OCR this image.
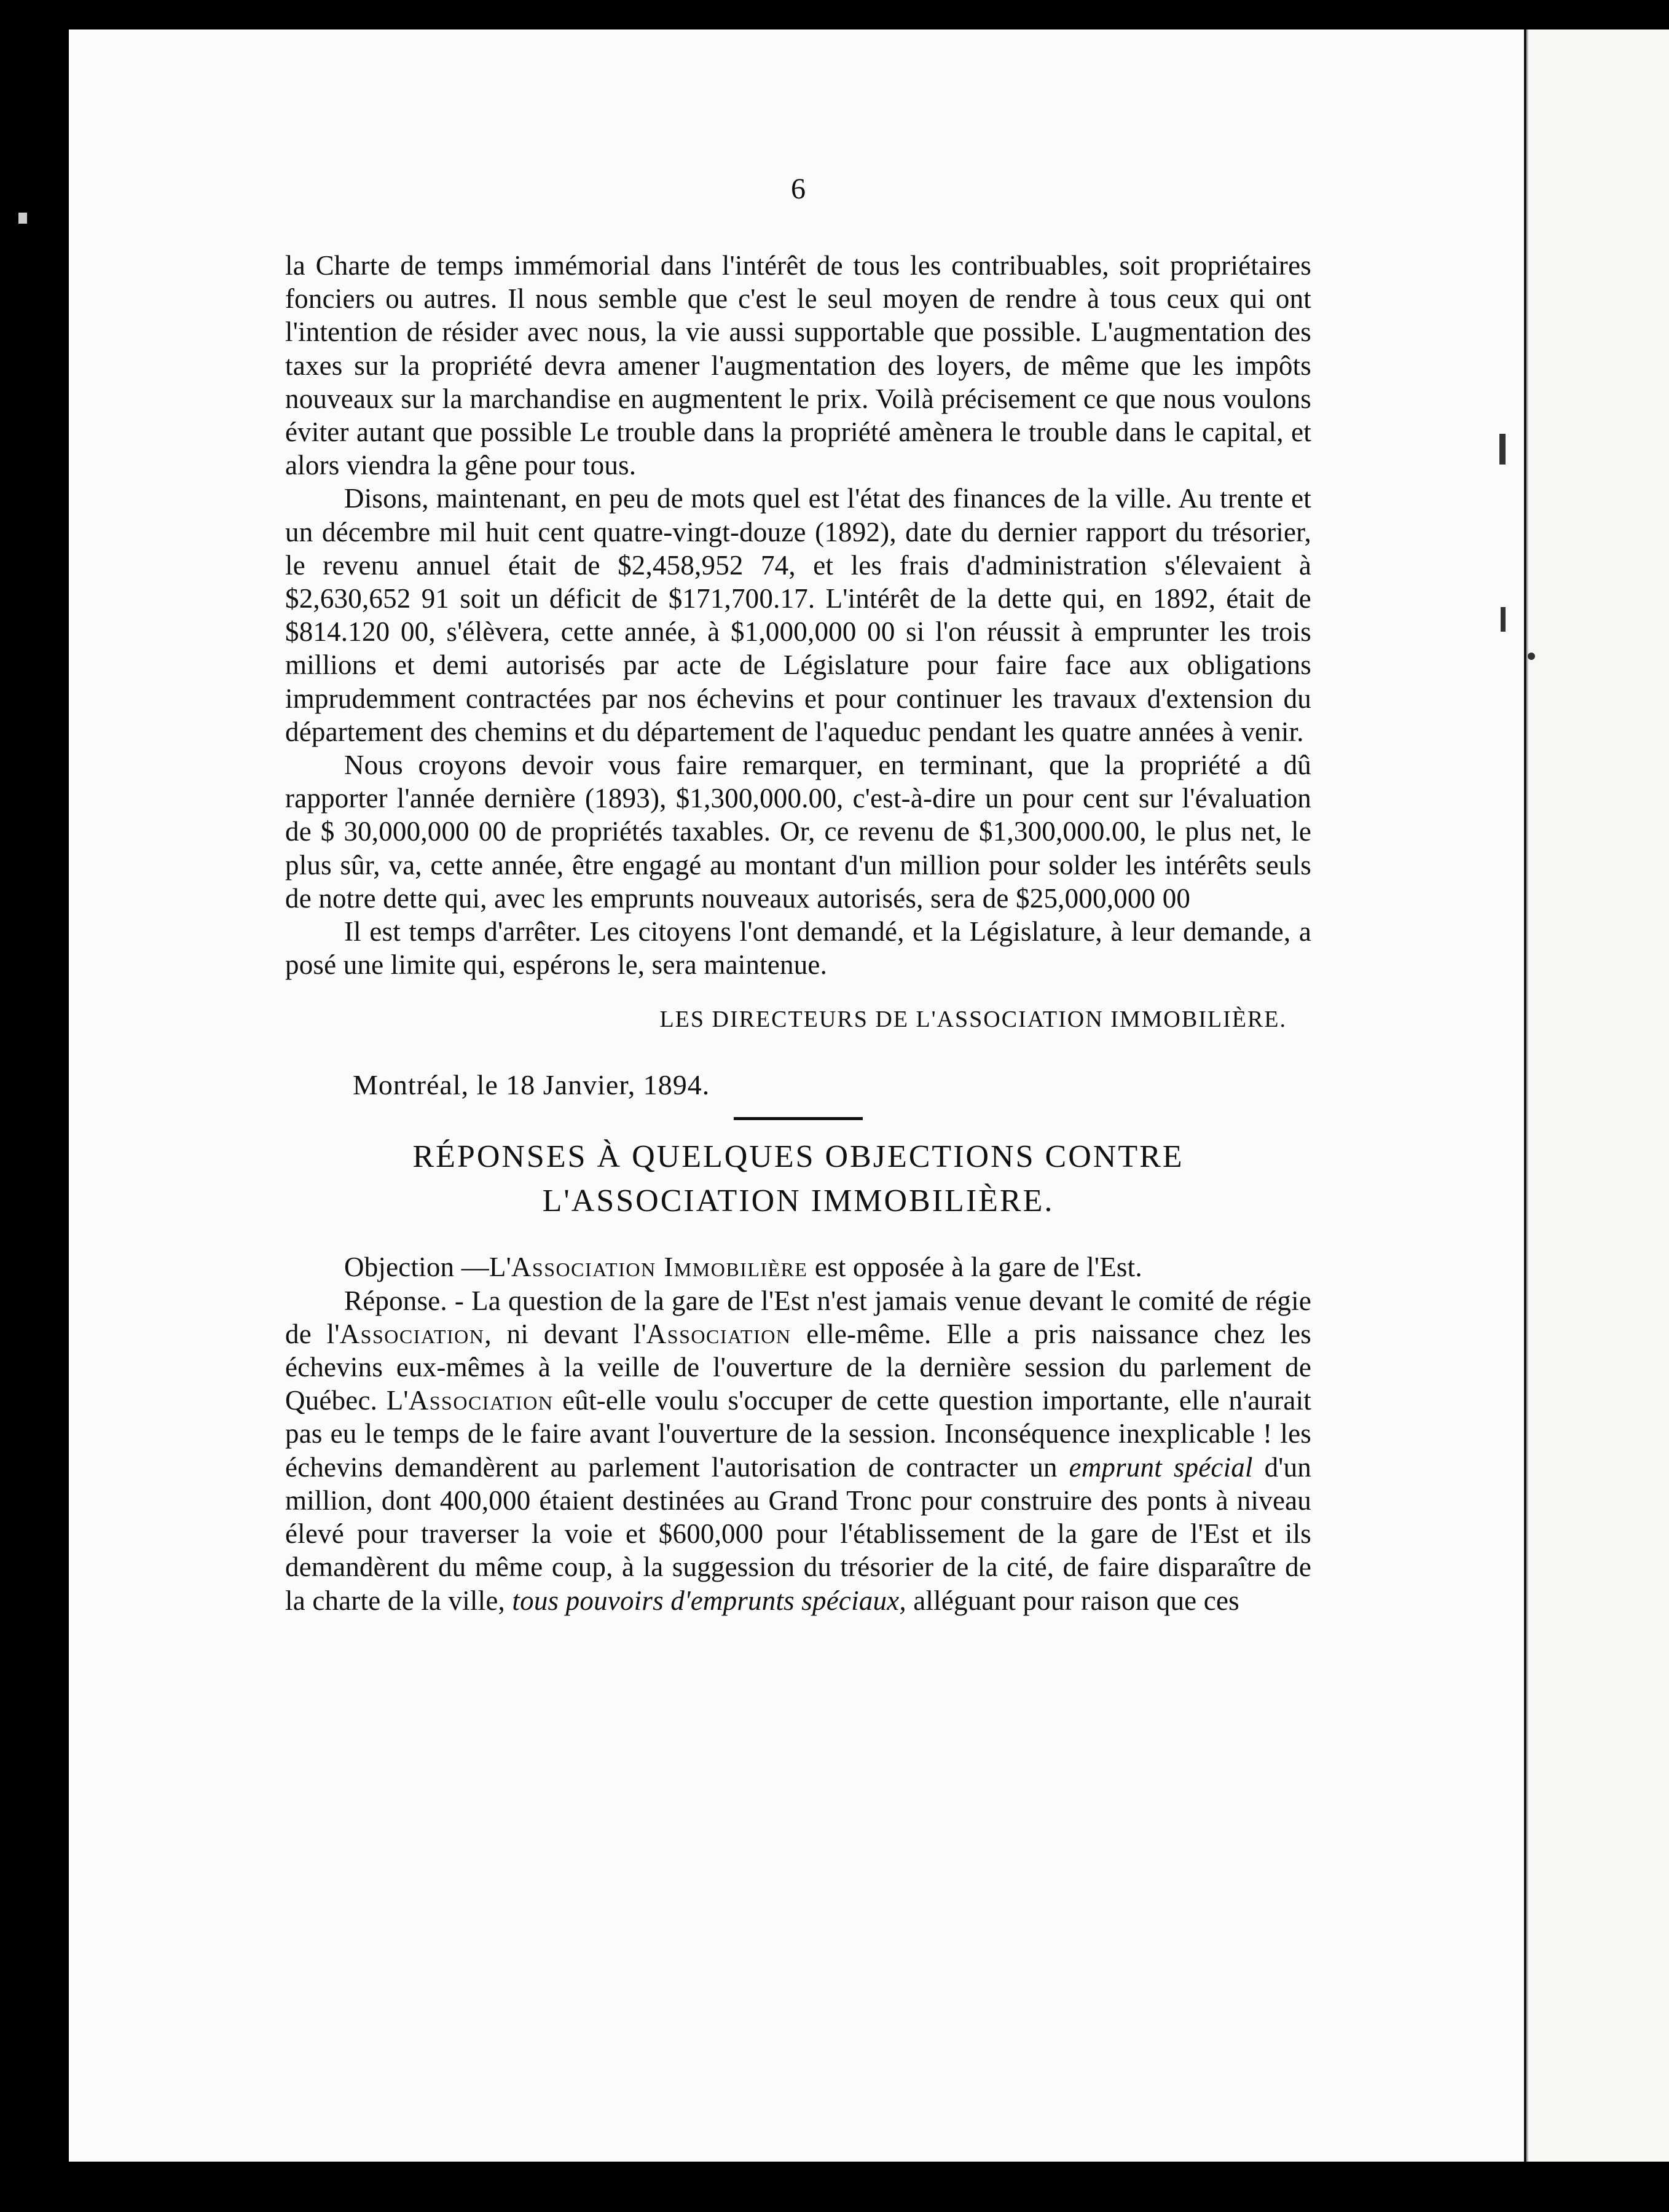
6

la Charte de temps immémorial dans l'intérêt de tous les contribuables, soit propriétaires fonciers ou autres. Il nous semble que c'est le seul moyen de rendre à tous ceux qui ont l'intention de résider avec nous, la vie aussi supportable que possible. L'augmentation des taxes sur la propriété devra amener l'augmentation des loyers, de même que les impôts nouveaux sur la marchandise en augmentent le prix. Voilà précisement ce que nous voulons éviter autant que possible Le trouble dans la propriété amènera le trouble dans le capital, et alors viendra la gêne pour tous.

Disons, maintenant, en peu de mots quel est l'état des finances de la ville. Au trente et un décembre mil huit cent quatre-vingt-douze (1892), date du dernier rapport du trésorier, le revenu annuel était de $2,458,952 74, et les frais d'administration s'élevaient à $2,630,652 91 soit un déficit de $171,700.17. L'intérêt de la dette qui, en 1892, était de $814.120 00, s'élèvera, cette année, à $1,000,000 00 si l'on réussit à emprunter les trois millions et demi autorisés par acte de Législature pour faire face aux obligations imprudemment contractées par nos échevins et pour continuer les travaux d'extension du département des chemins et du département de l'aqueduc pendant les quatre années à venir.

Nous croyons devoir vous faire remarquer, en terminant, que la propriété a dû rapporter l'année dernière (1893), $1,300,000.00, c'est-à-dire un pour cent sur l'évaluation de $ 30,000,000 00 de propriétés taxables. Or, ce revenu de $1,300,000.00, le plus net, le plus sûr, va, cette année, être engagé au montant d'un million pour solder les intérêts seuls de notre dette qui, avec les emprunts nouveaux autorisés, sera de $25,000,000 00

Il est temps d'arrêter. Les citoyens l'ont demandé, et la Législature, à leur demande, a posé une limite qui, espérons le, sera maintenue.

LES DIRECTEURS DE L'ASSOCIATION IMMOBILIÈRE.
Montréal, le 18 Janvier, 1894.

RÉPONSES À QUELQUES OBJECTIONS CONTRE

L'ASSOCIATION IMMOBILIÈRE.

Objection —L'Association Immobilière est opposée à la gare de l'Est.

Réponse. - La question de la gare de l'Est n'est jamais venue devant le comité de régie de l'Association, ni devant l'Association elle-même. Elle a pris naissance chez les échevins eux-mêmes à la veille de l'ouverture de la dernière session du parlement de Québec. L'Association eût-elle voulu s'occuper de cette question importante, elle n'aurait pas eu le temps de le faire avant l'ouverture de la session. Inconséquence inexplicable ! les échevins demandèrent au parlement l'autorisation de contracter un emprunt spécial d'un million, dont 400,000 étaient destinées au Grand Tronc pour construire des ponts à niveau élevé pour traverser la voie et $600,000 pour l'établissement de la gare de l'Est et ils demandèrent du même coup, à la suggession du trésorier de la cité, de faire disparaître de la charte de la ville, tous pouvoirs d'emprunts spéciaux, alléguant pour raison que ces
